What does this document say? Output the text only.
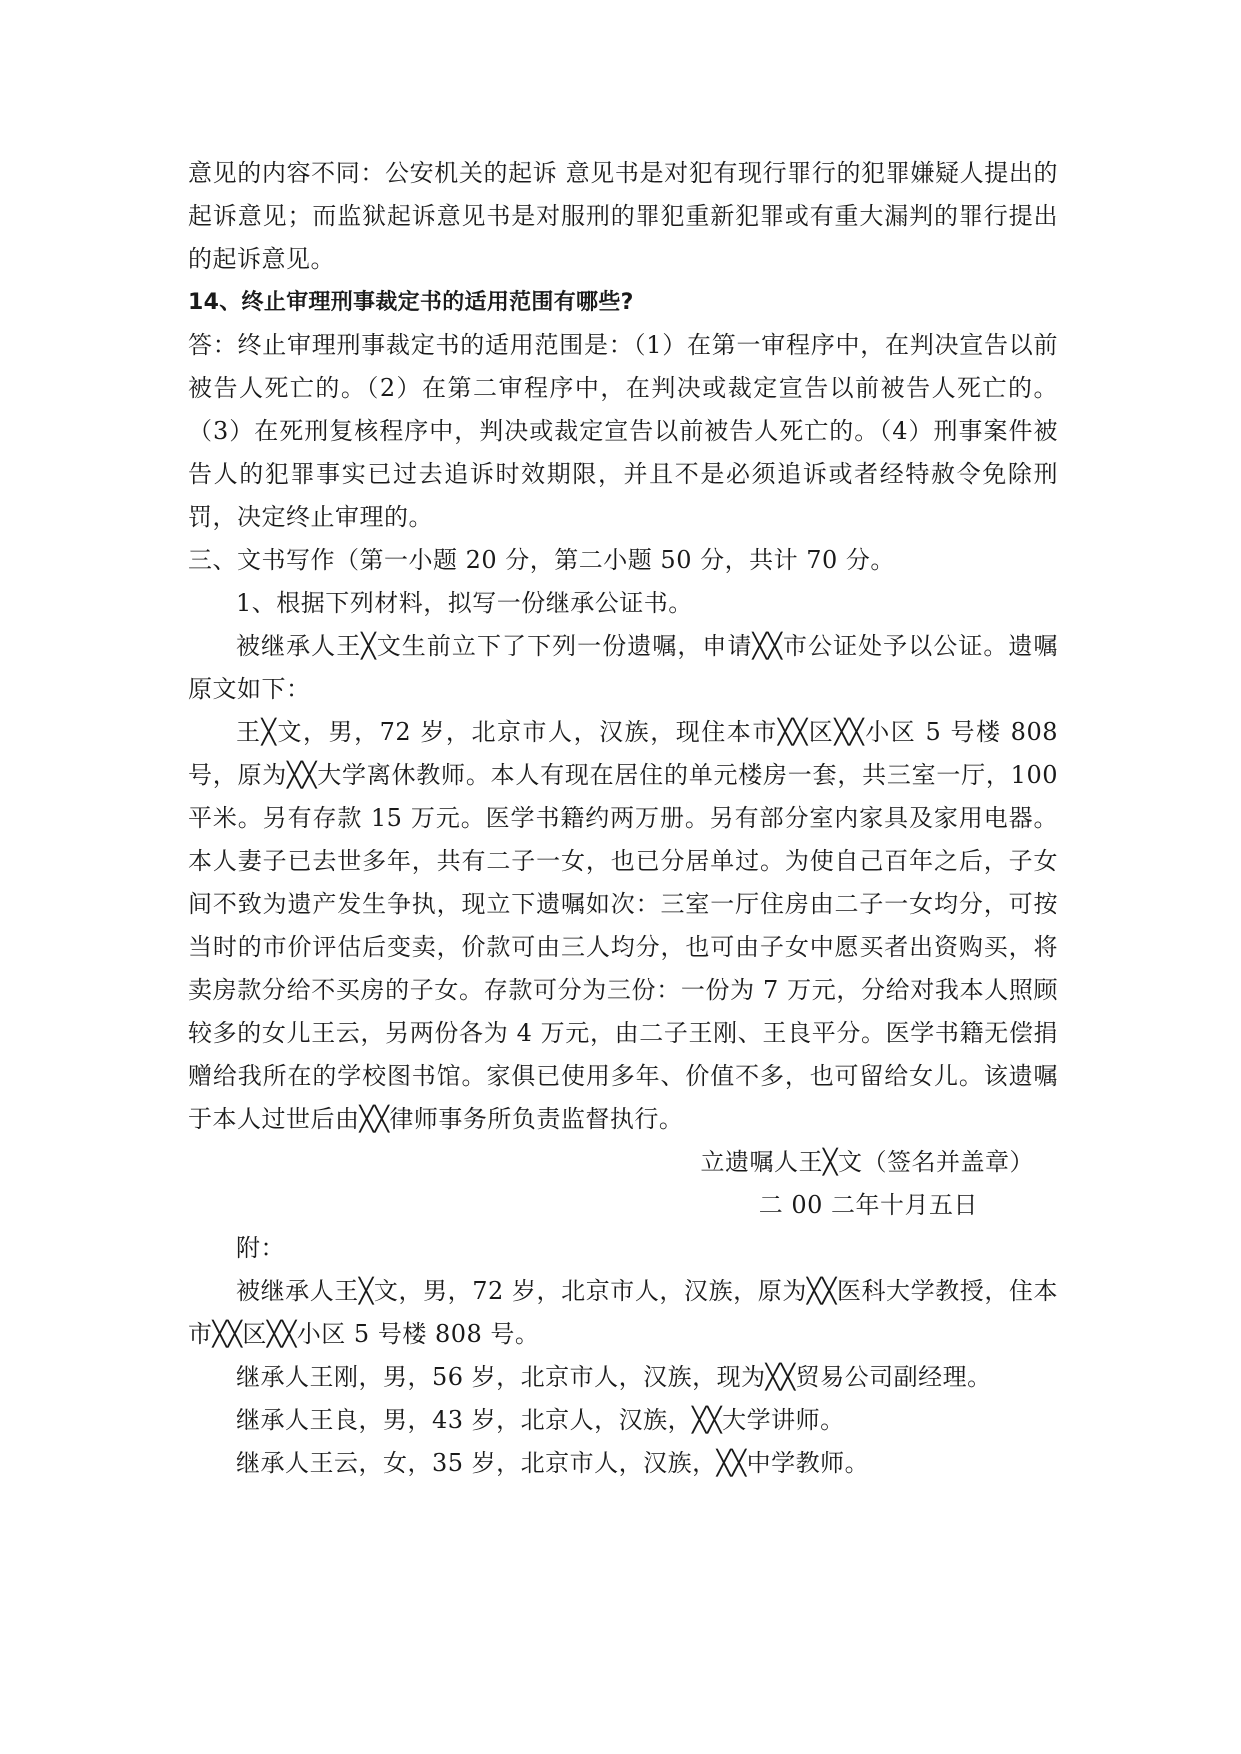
意见的内容不同：公安机关的起诉 意见书是对犯有现行罪行的犯罪嫌疑人提出的起诉意见；而监狱起诉意见书是对服刑的罪犯重新犯罪或有重大漏判的罪行提出的起诉意见。

14、终止审理刑事裁定书的适用范围有哪些?

答：终止审理刑事裁定书的适用范围是：（1）在第一审程序中，在判决宣告以前被告人死亡的。（2）在第二审程序中，在判决或裁定宣告以前被告人死亡的。（3）在死刑复核程序中，判决或裁定宣告以前被告人死亡的。（4）刑事案件被告人的犯罪事实已过去追诉时效期限，并且不是必须追诉或者经特赦令免除刑罚，决定终止审理的。

三、文书写作（第一小题 20 分，第二小题 50 分，共计 70 分。

1、根据下列材料，拟写一份继承公证书。

被继承人王╳文生前立下了下列一份遗嘱，申请╳╳市公证处予以公证。遗嘱原文如下：

王╳文，男，72 岁，北京市人，汉族，现住本市╳╳区╳╳小区 5 号楼 808 号，原为╳╳大学离休教师。本人有现在居住的单元楼房一套，共三室一厅，100 平米。另有存款 15 万元。医学书籍约两万册。另有部分室内家具及家用电器。本人妻子已去世多年，共有二子一女，也已分居单过。为使自己百年之后，子女间不致为遗产发生争执，现立下遗嘱如次：三室一厅住房由二子一女均分，可按当时的市价评估后变卖，价款可由三人均分，也可由子女中愿买者出资购买，将卖房款分给不买房的子女。存款可分为三份：一份为 7 万元，分给对我本人照顾较多的女儿王云，另两份各为 4 万元，由二子王刚、王良平分。医学书籍无偿捐赠给我所在的学校图书馆。家俱已使用多年、价值不多，也可留给女儿。该遗嘱于本人过世后由╳╳律师事务所负责监督执行。

立遗嘱人王╳文（签名并盖章）

二 00 二年十月五日

附：

被继承人王╳文，男，72 岁，北京市人，汉族，原为╳╳医科大学教授，住本市╳╳区╳╳小区 5 号楼 808 号。

继承人王刚，男，56 岁，北京市人，汉族，现为╳╳贸易公司副经理。

继承人王良，男，43 岁，北京人，汉族，╳╳大学讲师。

继承人王云，女，35 岁，北京市人，汉族，╳╳中学教师。
